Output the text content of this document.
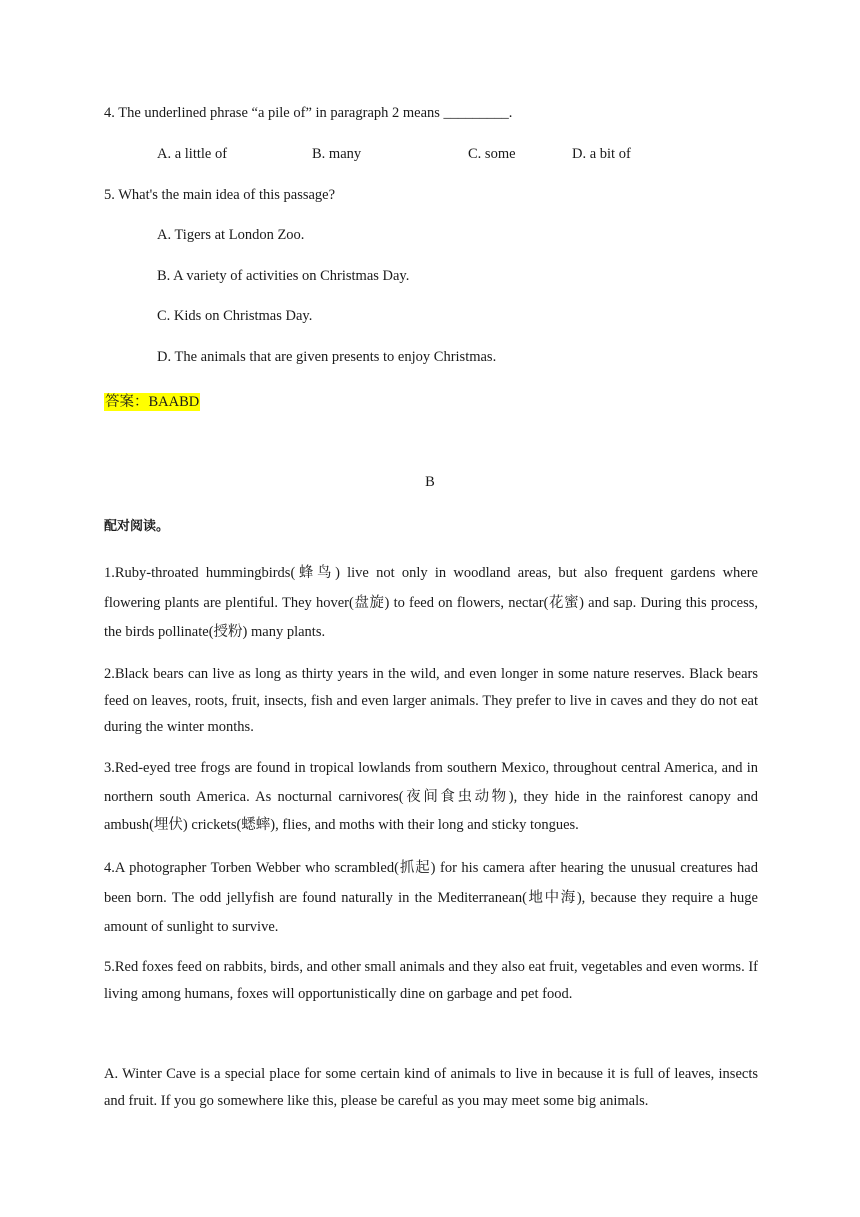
4. The underlined phrase “a pile of” in paragraph 2 means _________.
A. a little of	B. many	C. some	D. a bit of
5. What's the main idea of this passage?
A. Tigers at London Zoo.
B. A variety of activities on Christmas Day.
C. Kids on Christmas Day.
D. The animals that are given presents to enjoy Christmas.
答案：BAABD
B
配对阅读。
1.Ruby-throated hummingbirds(蜂鸟) live not only in woodland areas, but also frequent gardens where flowering plants are plentiful. They hover(盘旋) to feed on flowers, nectar(花蜜) and sap. During this process, the birds pollinate(授粉) many plants.
2.Black bears can live as long as thirty years in the wild, and even longer in some nature reserves. Black bears feed on leaves, roots, fruit, insects, fish and even larger animals. They prefer to live in caves and they do not eat during the winter months.
3.Red-eyed tree frogs are found in tropical lowlands from southern Mexico, throughout central America, and in northern south America. As nocturnal carnivores(夜间食虫动物), they hide in the rainforest canopy and ambush(埋伏) crickets(蟋蟀), flies, and moths with their long and sticky tongues.
4.A photographer Torben Webber who scrambled(抓起) for his camera after hearing the unusual creatures had been born. The odd jellyfish are found naturally in the Mediterranean(地中海), because they require a huge amount of sunlight to survive.
5.Red foxes feed on rabbits, birds, and other small animals and they also eat fruit, vegetables and even worms. If living among humans, foxes will opportunistically dine on garbage and pet food.
A. Winter Cave is a special place for some certain kind of animals to live in because it is full of leaves, insects and fruit. If you go somewhere like this, please be careful as you may meet some big animals.
